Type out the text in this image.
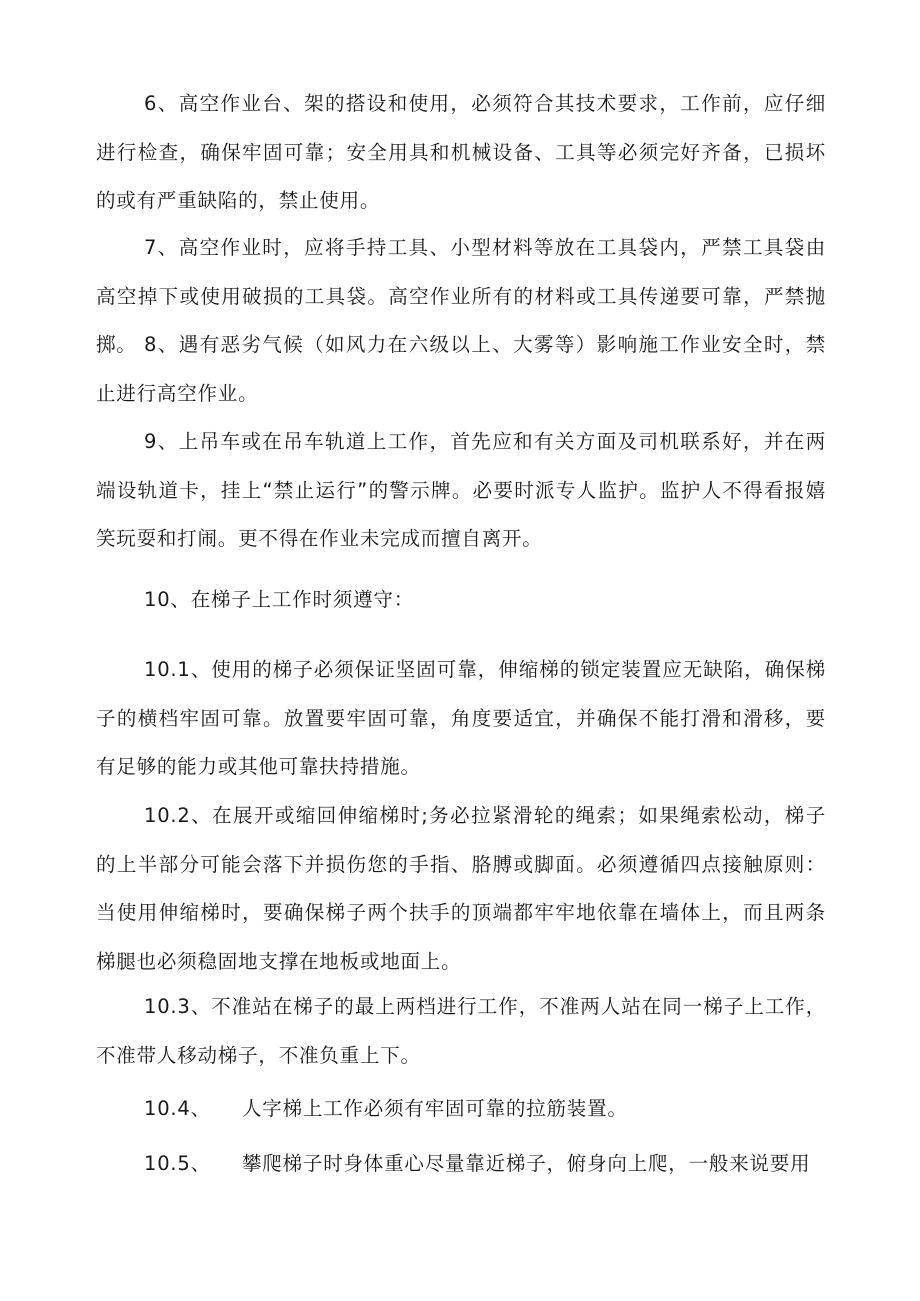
6、高空作业台、架的搭设和使用，必须符合其技术要求，工作前，应仔细进行检查，确保牢固可靠；安全用具和机械设备、工具等必须完好齐备，已损坏的或有严重缺陷的，禁止使用。

7、高空作业时，应将手持工具、小型材料等放在工具袋内，严禁工具袋由高空掉下或使用破损的工具袋。高空作业所有的材料或工具传递要可靠，严禁抛掷。 8、遇有恶劣气候（如风力在六级以上、大雾等）影响施工作业安全时，禁止进行高空作业。

9、上吊车或在吊车轨道上工作，首先应和有关方面及司机联系好，并在两端设轨道卡，挂上“禁止运行”的警示牌。必要时派专人监护。监护人不得看报嬉笑玩耍和打闹。更不得在作业未完成而擅自离开。

10、在梯子上工作时须遵守：

10.1、使用的梯子必须保证坚固可靠，伸缩梯的锁定装置应无缺陷，确保梯子的横档牢固可靠。放置要牢固可靠，角度要适宜，并确保不能打滑和滑移，要有足够的能力或其他可靠扶持措施。

10.2、在展开或缩回伸缩梯时;务必拉紧滑轮的绳索；如果绳索松动，梯子的上半部分可能会落下并损伤您的手指、胳膊或脚面。必须遵循四点接触原则：当使用伸缩梯时，要确保梯子两个扶手的顶端都牢牢地依靠在墙体上，而且两条梯腿也必须稳固地支撑在地板或地面上。

10.3、不准站在梯子的最上两档进行工作，不准两人站在同一梯子上工作，不准带人移动梯子，不准负重上下。

10.4、 人字梯上工作必须有牢固可靠的拉筋装置。
10.5、 攀爬梯子时身体重心尽量靠近梯子，俯身向上爬，一般来说要用
